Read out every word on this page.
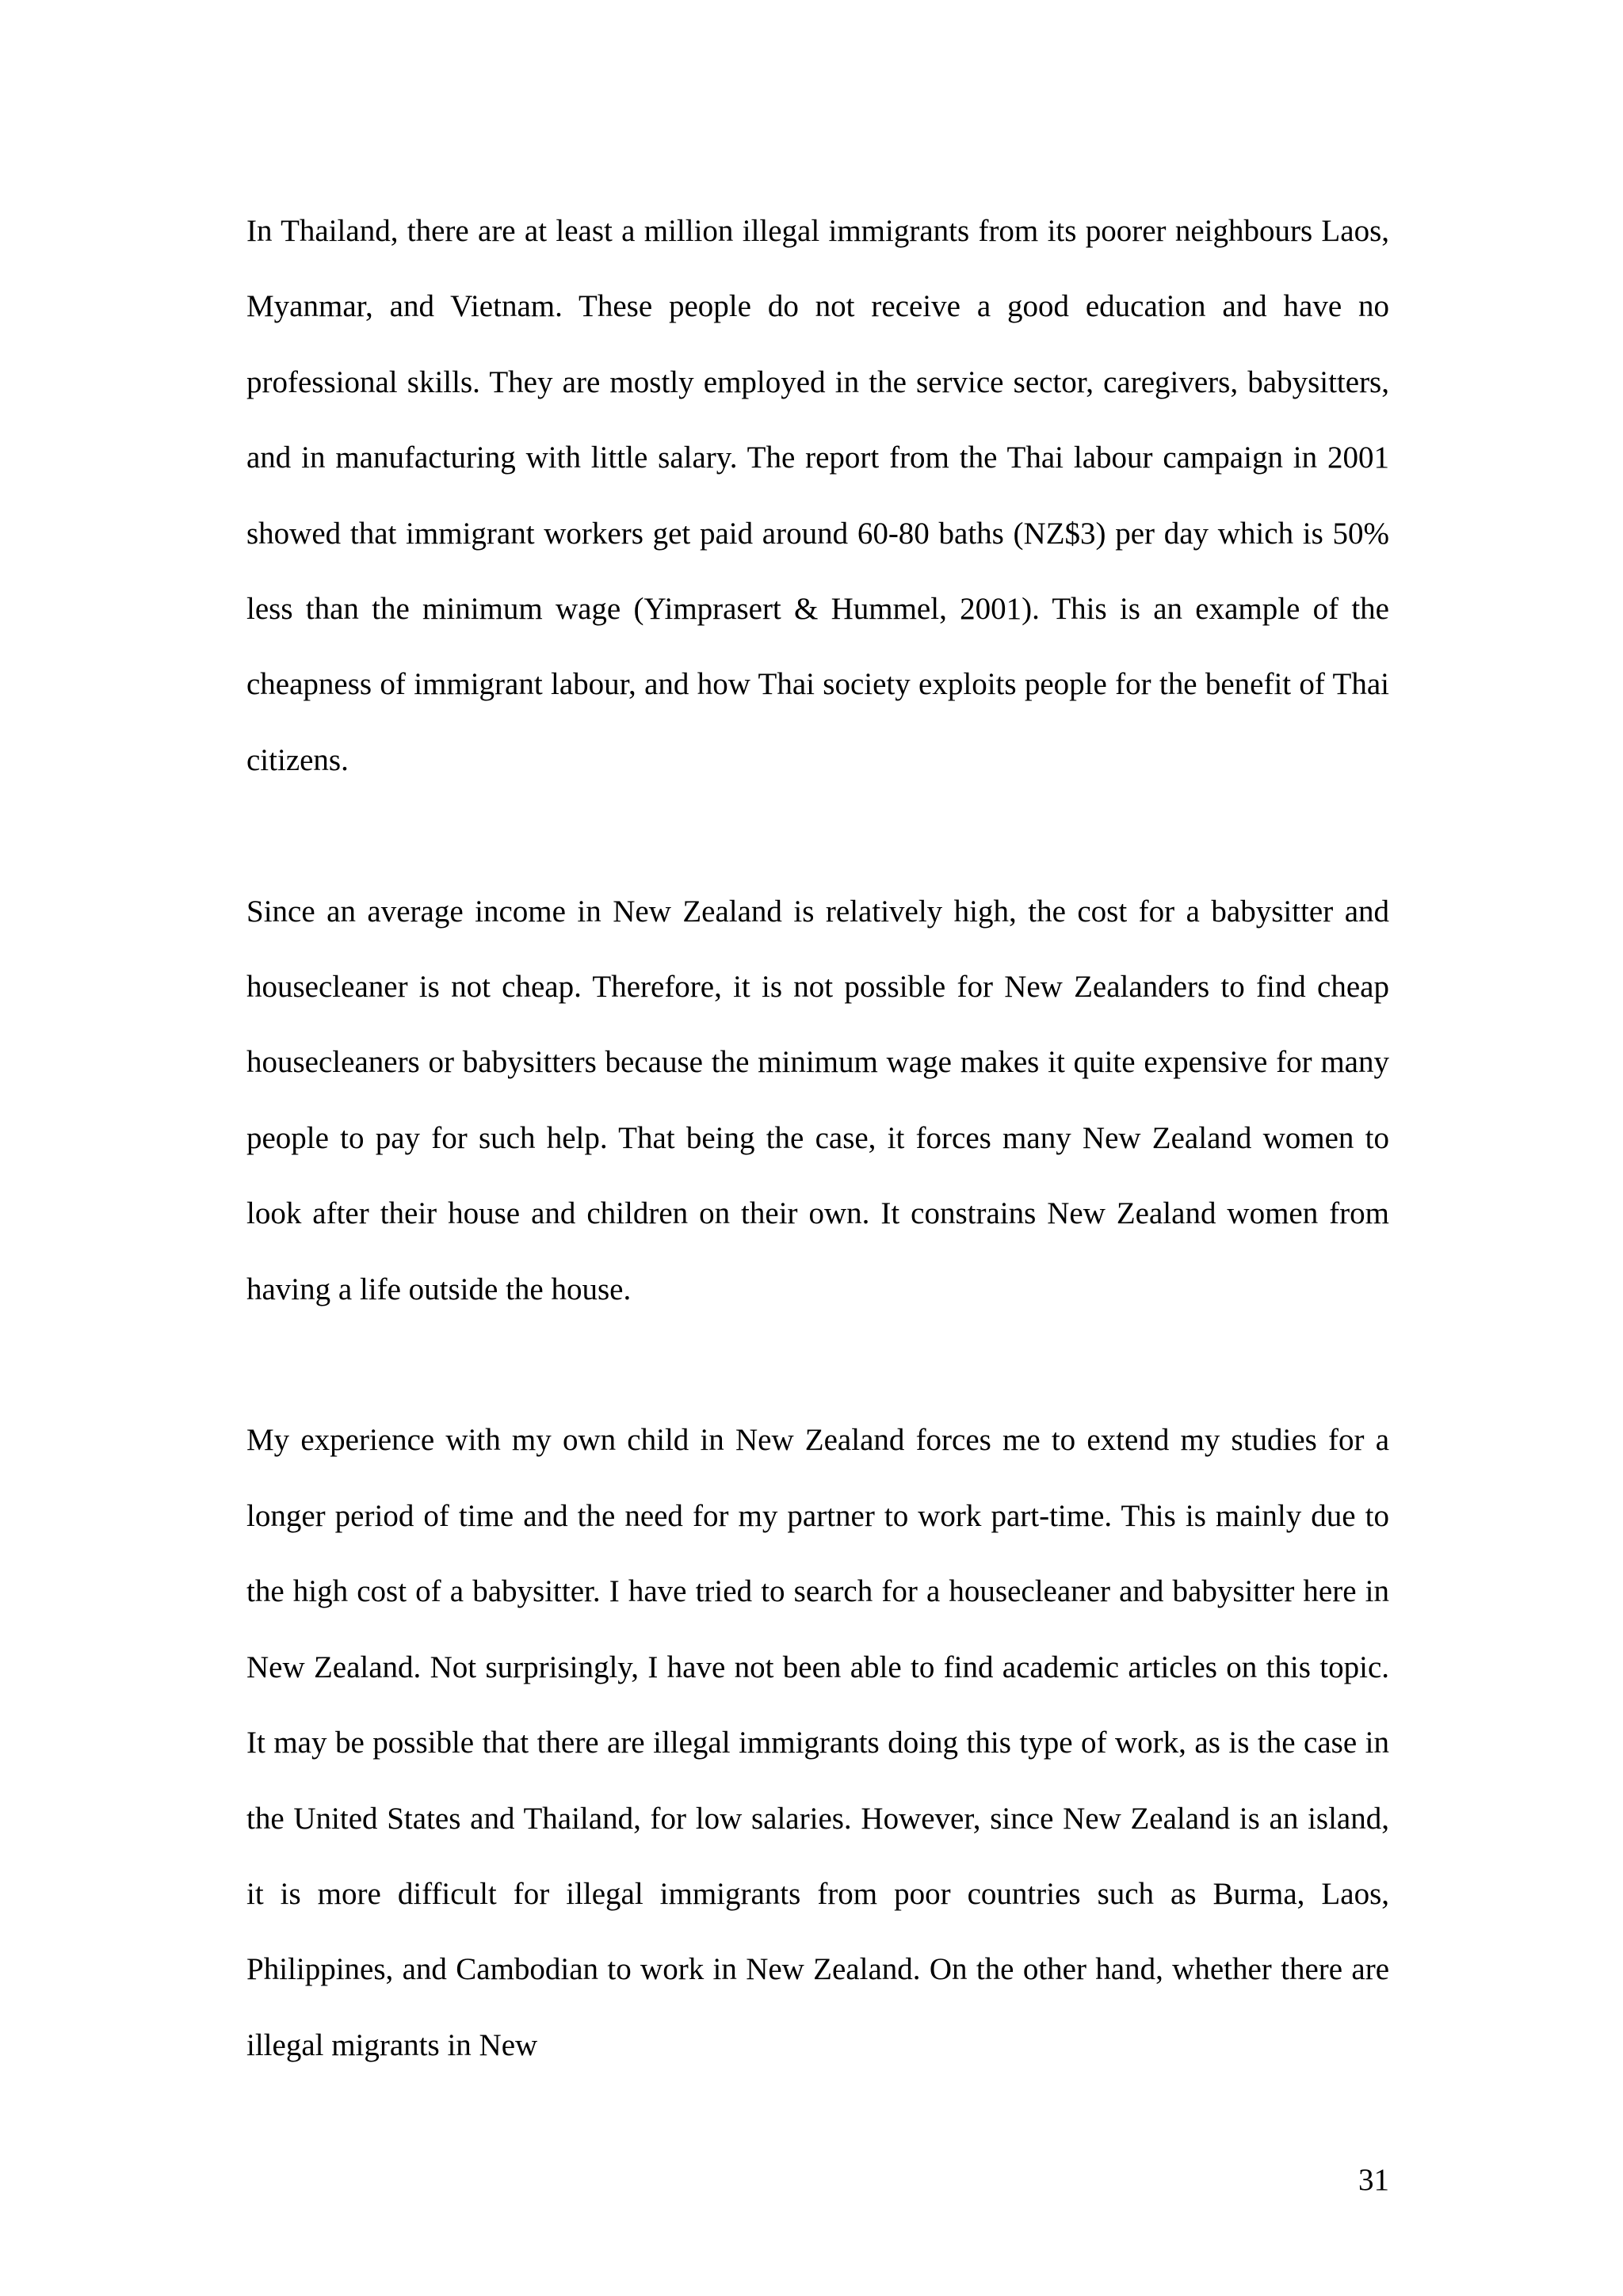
In Thailand, there are at least a million illegal immigrants from its poorer neighbours Laos, Myanmar, and Vietnam. These people do not receive a good education and have no professional skills. They are mostly employed in the service sector, caregivers, babysitters, and in manufacturing with little salary. The report from the Thai labour campaign in 2001 showed that immigrant workers get paid around 60-80 baths (NZ$3) per day which is 50% less than the minimum wage (Yimprasert & Hummel, 2001). This is an example of the cheapness of immigrant labour, and how Thai society exploits people for the benefit of Thai citizens.

Since an average income in New Zealand is relatively high, the cost for a babysitter and housecleaner is not cheap. Therefore, it is not possible for New Zealanders to find cheap housecleaners or babysitters because the minimum wage makes it quite expensive for many people to pay for such help. That being the case, it forces many New Zealand women to look after their house and children on their own. It constrains New Zealand women from having a life outside the house.

My experience with my own child in New Zealand forces me to extend my studies for a longer period of time and the need for my partner to work part-time. This is mainly due to the high cost of a babysitter. I have tried to search for a housecleaner and babysitter here in New Zealand. Not surprisingly, I have not been able to find academic articles on this topic. It may be possible that there are illegal immigrants doing this type of work, as is the case in the United States and Thailand, for low salaries. However, since New Zealand is an island, it is more difficult for illegal immigrants from poor countries such as Burma, Laos, Philippines, and Cambodian to work in New Zealand. On the other hand, whether there are illegal migrants in New

31
